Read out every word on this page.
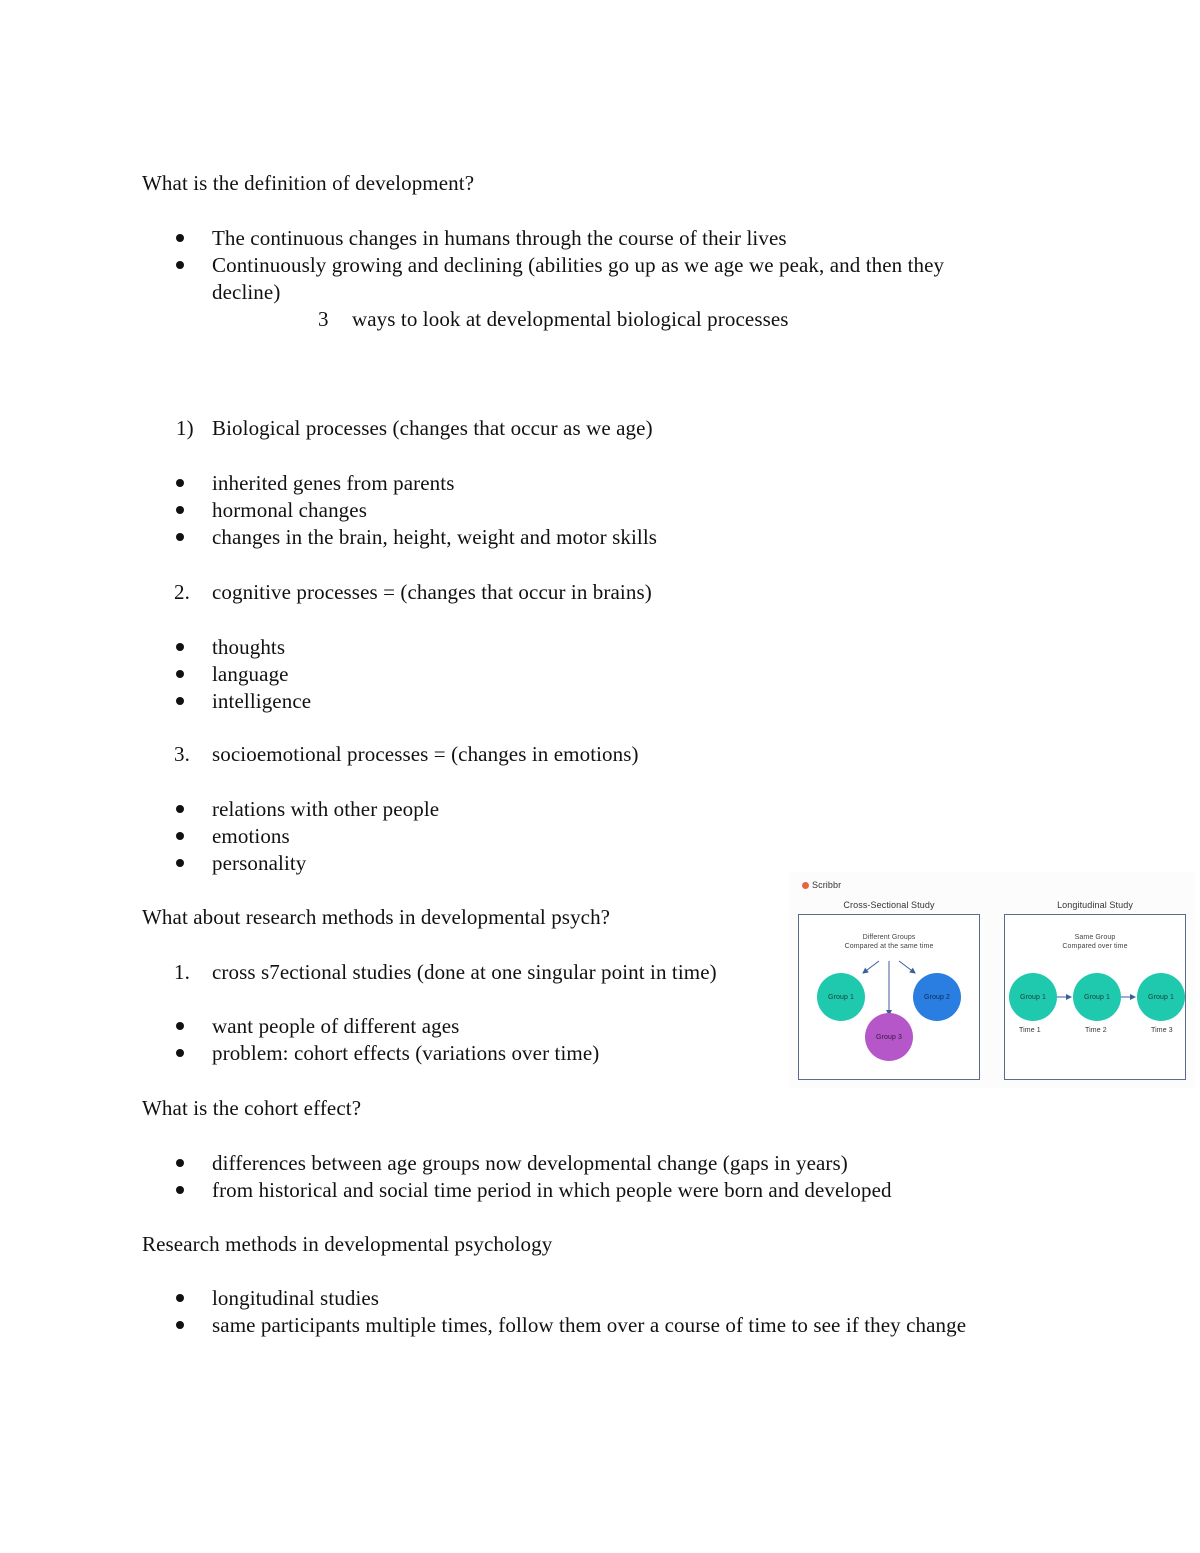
What is the definition of development?
The continuous changes in humans through the course of their lives
Continuously growing and declining (abilities go up as we age we peak, and then they
decline)
3 ways to look at developmental biological processes
1) Biological processes (changes that occur as we age)
inherited genes from parents
hormonal changes
changes in the brain, height, weight and motor skills
2. cognitive processes = (changes that occur in brains)
thoughts
language
intelligence
3. socioemotional processes = (changes in emotions)
relations with other people
emotions
personality
What about research methods in developmental psych?
1. cross s7ectional studies (done at one singular point in time)
want people of different ages
problem: cohort effects (variations over time)
What is the cohort effect?
differences between age groups now developmental change (gaps in years)
from historical and social time period in which people were born and developed
Research methods in developmental psychology
longitudinal studies
same participants multiple times, follow them over a course of time to see if they change
Scribbr
Cross-Sectional Study
Different Groups
Compared at the same time
Group 1	Group 2
Group 3
Longitudinal Study
Same Group
Compared over time
Group 1	Group 1	Group 1
Time 1	Time 2	Time 3
